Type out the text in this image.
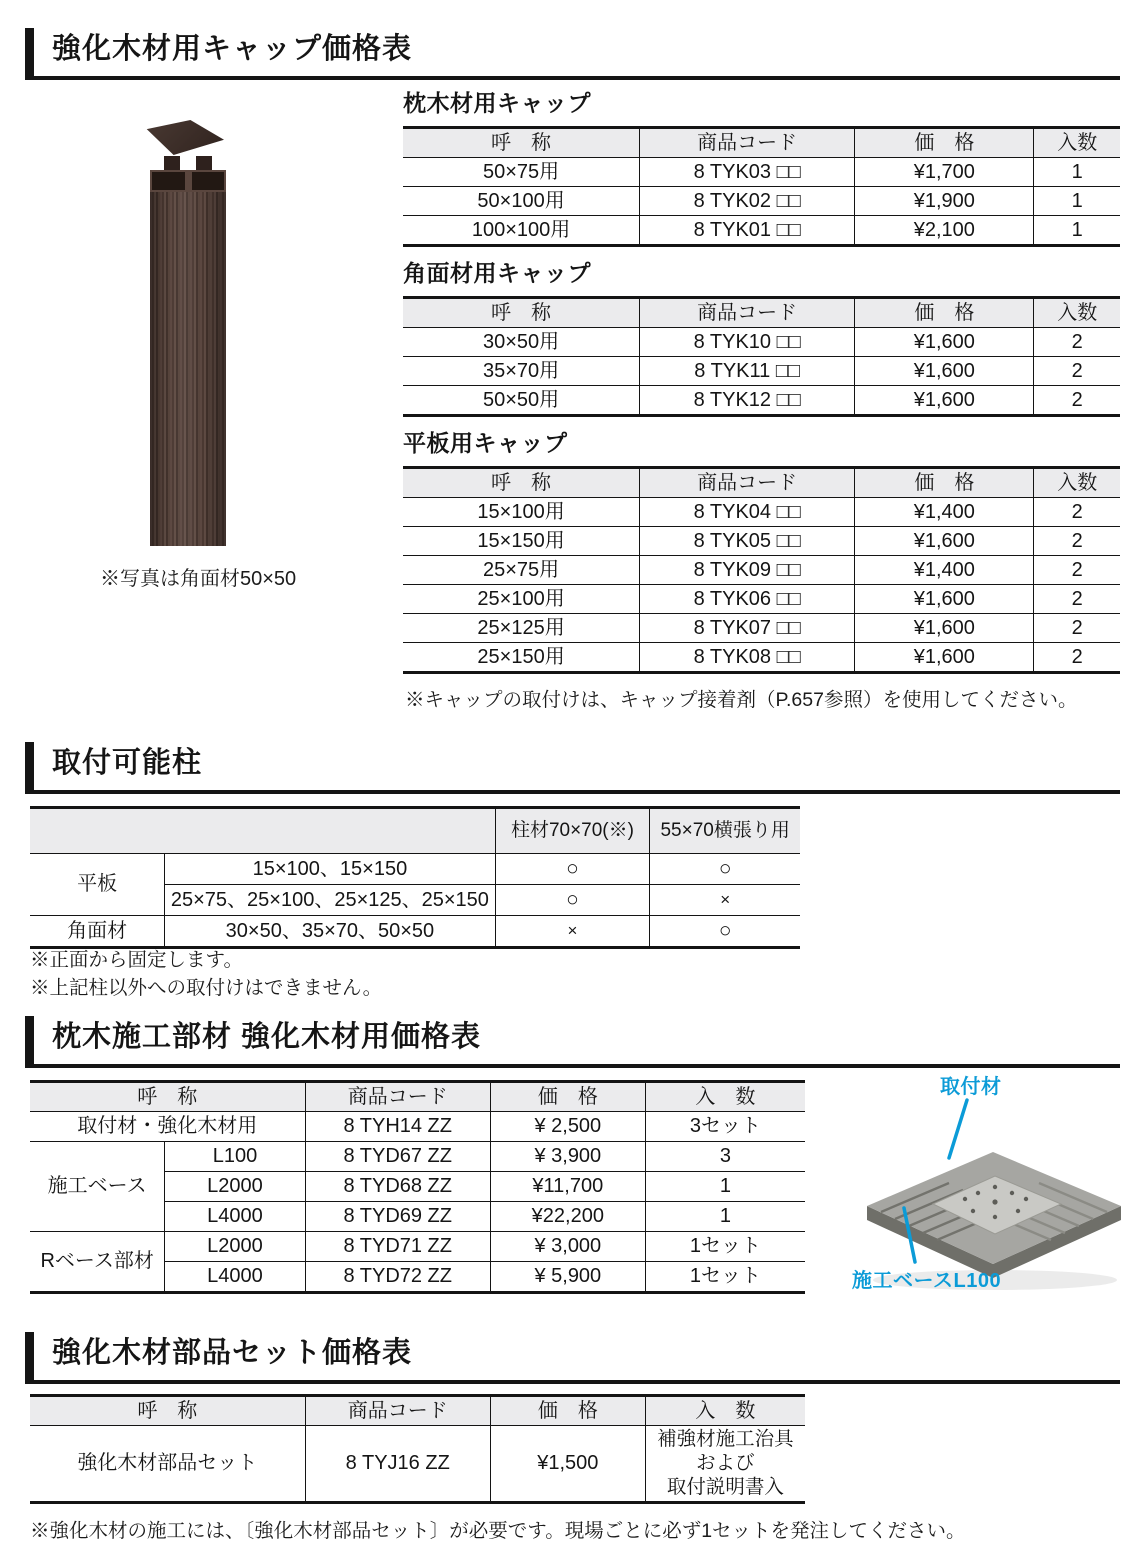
強化木材用キャップ価格表
※写真は角面材50×50
枕木材用キャップ
呼　称	商品コード	価　格	入数
50×75用	8 TYK03 □□	¥1,700	1
50×100用	8 TYK02 □□	¥1,900	1
100×100用	8 TYK01 □□	¥2,100	1
角面材用キャップ
呼　称	商品コード	価　格	入数
30×50用	8 TYK10 □□	¥1,600	2
35×70用	8 TYK11 □□	¥1,600	2
50×50用	8 TYK12 □□	¥1,600	2
平板用キャップ
呼　称	商品コード	価　格	入数
15×100用	8 TYK04 □□	¥1,400	2
15×150用	8 TYK05 □□	¥1,600	2
25×75用	8 TYK09 □□	¥1,400	2
25×100用	8 TYK06 □□	¥1,600	2
25×125用	8 TYK07 □□	¥1,600	2
25×150用	8 TYK08 □□	¥1,600	2
※キャップの取付けは、キャップ接着剤（P.657参照）を使用してください。
取付可能柱
		柱材70×70(※)	55×70横張り用
平板	15×100、15×150	○	○
	25×75、25×100、25×125、25×150	○	×
角面材	30×50、35×70、50×50	×	○
※正面から固定します。
※上記柱以外への取付けはできません。
枕木施工部材 強化木材用価格表
呼　称		商品コード	価　格	入　数
取付材・強化木材用		8 TYH14 ZZ	¥ 2,500	3セット
施工ベース	L100	8 TYD67 ZZ	¥ 3,900	3
	L2000	8 TYD68 ZZ	¥11,700	1
	L4000	8 TYD69 ZZ	¥22,200	1
Rベース部材	L2000	8 TYD71 ZZ	¥ 3,000	1セット
	L4000	8 TYD72 ZZ	¥ 5,900	1セット
取付材
施工ベースL100
強化木材部品セット価格表
呼　称	商品コード	価　格	入　数
強化木材部品セット	8 TYJ16 ZZ	¥1,500	補強材施工治具
および
取付説明書入
※強化木材の施工には、〔強化木材部品セット〕が必要です。現場ごとに必ず1セットを発注してください。
